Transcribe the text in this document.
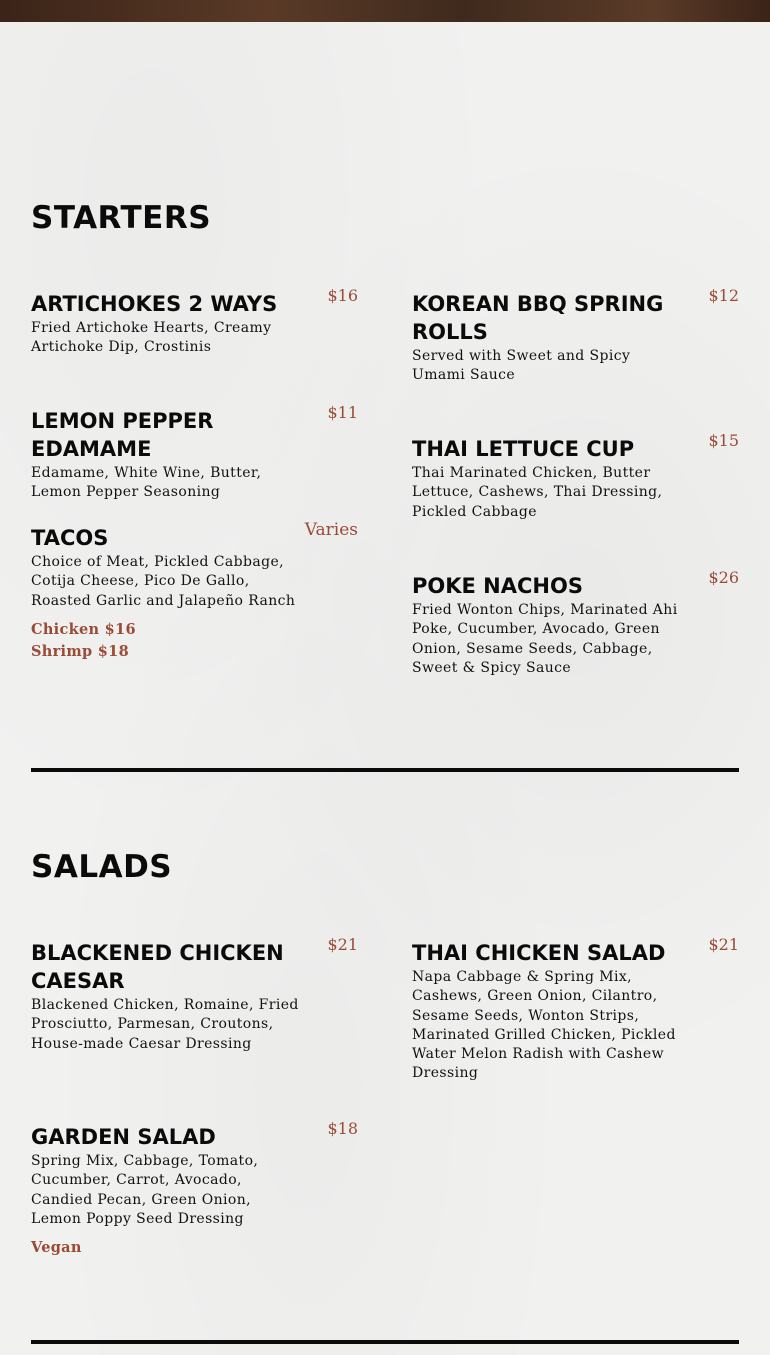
STARTERS
ARTICHOKES 2 WAYS	$16
Fried Artichoke Hearts, Creamy Artichoke Dip, Crostinis
LEMON PEPPER EDAMAME
$11
Edamame, White Wine, Butter, Lemon Pepper Seasoning
TACOS	Varies
Choice of Meat, Pickled Cabbage, Cotija Cheese, Pico De Gallo, Roasted Garlic and Jalapeño Ranch
Chicken $16
Shrimp $18
KOREAN BBQ SPRING ROLLS
$12
Served with Sweet and Spicy Umami Sauce
THAI LETTUCE CUP	$15
Thai Marinated Chicken, Butter Lettuce, Cashews, Thai Dressing, Pickled Cabbage
POKE NACHOS	$26
Fried Wonton Chips, Marinated Ahi Poke, Cucumber, Avocado, Green Onion, Sesame Seeds, Cabbage, Sweet & Spicy Sauce
SALADS
BLACKENED CHICKEN CAESAR
$21
Blackened Chicken, Romaine, Fried Prosciutto, Parmesan, Croutons, House-made Caesar Dressing
GARDEN SALAD	$18
Spring Mix, Cabbage, Tomato, Cucumber, Carrot, Avocado, Candied Pecan, Green Onion, Lemon Poppy Seed Dressing
Vegan
THAI CHICKEN SALAD	$21
Napa Cabbage & Spring Mix, Cashews, Green Onion, Cilantro, Sesame Seeds, Wonton Strips, Marinated Grilled Chicken, Pickled Water Melon Radish with Cashew Dressing
